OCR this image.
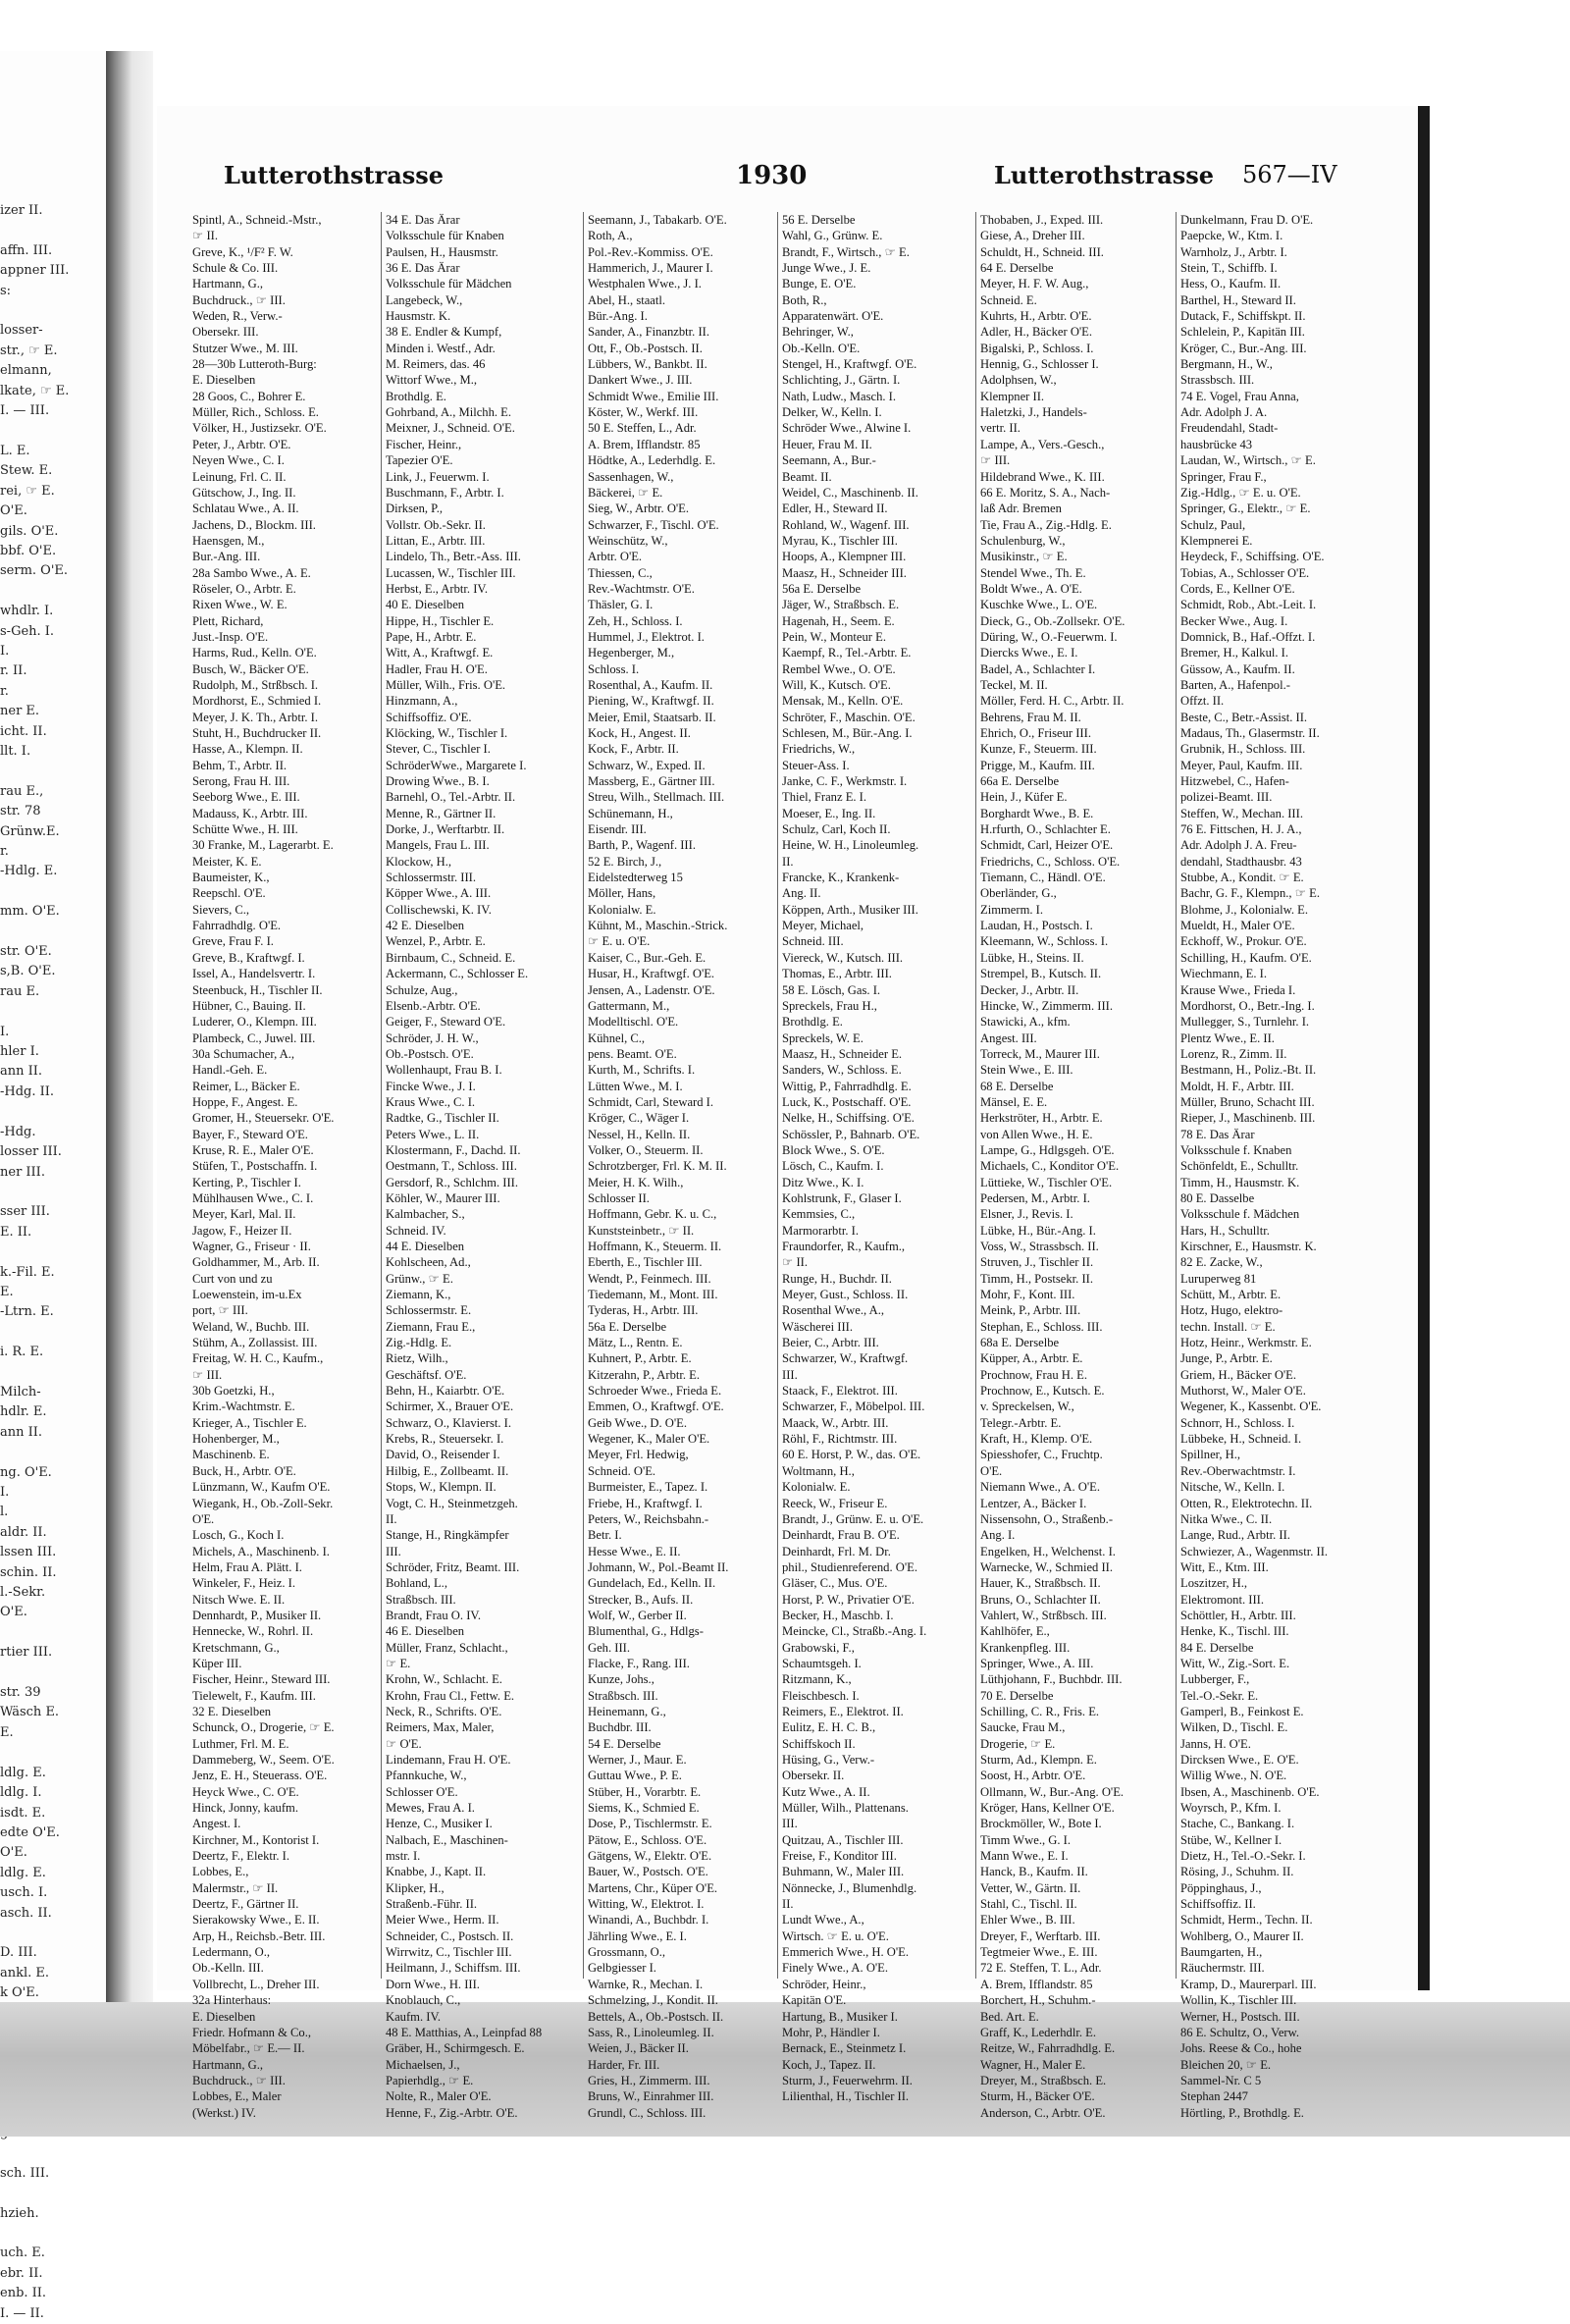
izer II.

affn. III.
appner III.
s:

losser-
str., ☞ E.
elmann,
lkate, ☞ E.
I. — III.

L. E.
Stew. E.
rei, ☞ E.
O'E.
gils. O'E.
bbf. O'E.
serm. O'E.

whdlr. I.
s-Geh. I.
I.
r. II.
r.
ner E.
icht. II.
llt. I.

rau E.,
str. 78
Grünw.E.
r.
-Hdlg. E.

mm. O'E.

str. O'E.
s,B. O'E.
rau E.

I.
hler I.
ann II.
-Hdg. II.

-Hdg.
losser III.
ner III.

sser III.
E. II.

k.-Fil. E.
E.
-Ltrn. E.

i. R. E.

Milch-
hdlr. E.
ann II.

ng. O'E.
I.
l.
aldr. II.
lssen III.
schin. II.
l.-Sekr.
O'E.

rtier III.

str. 39
Wäsch E.
E.

ldlg. E.
ldlg. I.
isdt. E.
edte O'E.
O'E.
ldlg. E.
usch. I.
asch. II.

D. III.
ankl. E.
k O'E.

sch. III.

hzieh.

uch. E.
ebr. II.
enb. II.
I. — II.
Lutterothstrasse	1930	Lutterothstrasse 567—IV
Spintl, A., Schneid.-Mstr.,
☞ II.
Greve, K., ¹/F² F. W.
Schule & Co. III.
Hartmann, G.,
Buchdruck., ☞ III.
Weden, R., Verw.-
Obersekr. III.
Stutzer Wwe., M. III.
28—30b Lutteroth-Burg:
E. Dieselben
28 Goos, C., Bohrer E.
Müller, Rich., Schloss. E.
Völker, H., Justizsekr. O'E.
Peter, J., Arbtr. O'E.
Neyen Wwe., C. I.
Leinung, Frl. C. II.
Gütschow, J., Ing. II.
Schlatau Wwe., A. II.
Jachens, D., Blockm. III.
Haensgen, M.,
Bur.-Ang. III.
28a Sambo Wwe., A. E.
Röseler, O., Arbtr. E.
Rixen Wwe., W. E.
Plett, Richard,
Just.-Insp. O'E.
Harms, Rud., Kelln. O'E.
Busch, W., Bäcker O'E.
Rudolph, M., Strßbsch. I.
Mordhorst, E., Schmied I.
Meyer, J. K. Th., Arbtr. I.
Stuht, H., Buchdrucker II.
Hasse, A., Klempn. II.
Behm, T., Arbtr. II.
Serong, Frau H. III.
Seeborg Wwe., E. III.
Madauss, K., Arbtr. III.
Schütte Wwe., H. III.
30 Franke, M., Lagerarbt. E.
Meister, K. E.
Baumeister, K.,
Reepschl. O'E.
Sievers, C.,
Fahrradhdlg. O'E.
Greve, Frau F. I.
Greve, B., Kraftwgf. I.
Issel, A., Handelsvertr. I.
Steenbuck, H., Tischler II.
Hübner, C., Bauing. II.
Luderer, O., Klempn. III.
Plambeck, C., Juwel. III.
30a Schumacher, A.,
Handl.-Geh. E.
Reimer, L., Bäcker E.
Hoppe, F., Angest. E.
Gromer, H., Steuersekr. O'E.
Bayer, F., Steward O'E.
Kruse, R. E., Maler O'E.
Stüfen, T., Postschaffn. I.
Kerting, P., Tischler I.
Mühlhausen Wwe., C. I.
Meyer, Karl, Mal. II.
Jagow, F., Heizer II.
Wagner, G., Friseur · II.
Goldhammer, M., Arb. II.
Curt von und zu
Loewenstein, im-u.Ex
port, ☞ III.
Weland, W., Buchb. III.
Stühm, A., Zollassist. III.
Freitag, W. H. C., Kaufm.,
☞ III.
30b Goetzki, H.,
Krim.-Wachtmstr. E.
Krieger, A., Tischler E.
Hohenberger, M.,
Maschinenb. E.
Buck, H., Arbtr. O'E.
Lünzmann, W., Kaufm O'E.
Wiegank, H., Ob.-Zoll-Sekr.
O'E.
Losch, G., Koch I.
Michels, A., Maschinenb. I.
Helm, Frau A. Plätt. I.
Winkeler, F., Heiz. I.
Nitsch Wwe. E. II.
Dennhardt, P., Musiker II.
Hennecke, W., Rohrl. II.
Kretschmann, G.,
Küper III.
Fischer, Heinr., Steward III.
Tielewelt, F., Kaufm. III.
32 E. Dieselben
Schunck, O., Drogerie, ☞ E.
Luthmer, Frl. M. E.
Dammeberg, W., Seem. O'E.
Jenz, E. H., Steuerass. O'E.
Heyck Wwe., C. O'E.
Hinck, Jonny, kaufm.
Angest. I.
Kirchner, M., Kontorist I.
Deertz, F., Elektr. I.
Lobbes, E.,
Malermstr., ☞ II.
Deertz, F., Gärtner II.
Sierakowsky Wwe., E. II.
Arp, H., Reichsb.-Betr. III.
Ledermann, O.,
Ob.-Kelln. III.
Vollbrecht, L., Dreher III.
32a Hinterhaus:
E. Dieselben
Friedr. Hofmann & Co.,
Möbelfabr., ☞ E.— II.
Hartmann, G.,
Buchdruck., ☞ III.
Lobbes, E., Maler
(Werkst.) IV.
34 E. Das Ärar
Volksschule für Knaben
Paulsen, H., Hausmstr.
36 E. Das Ärar
Volksschule für Mädchen
Langebeck, W.,
Hausmstr. K.
38 E. Endler & Kumpf,
Minden i. Westf., Adr.
M. Reimers, das. 46
Wittorf Wwe., M.,
Brothdlg. E.
Gohrband, A., Milchh. E.
Meixner, J., Schneid. O'E.
Fischer, Heinr.,
Tapezier O'E.
Link, J., Feuerwm. I.
Buschmann, F., Arbtr. I.
Dirksen, P.,
Vollstr. Ob.-Sekr. II.
Littan, E., Arbtr. III.
Lindelo, Th., Betr.-Ass. III.
Lucassen, W., Tischler III.
Herbst, E., Arbtr. IV.
40 E. Dieselben
Hippe, H., Tischler E.
Pape, H., Arbtr. E.
Witt, A., Kraftwgf. E.
Hadler, Frau H. O'E.
Müller, Wilh., Fris. O'E.
Hinzmann, A.,
Schiffsoffiz. O'E.
Klöcking, W., Tischler I.
Stever, C., Tischler I.
SchröderWwe., Margarete I.
Drowing Wwe., B. I.
Barnehl, O., Tel.-Arbtr. II.
Menne, R., Gärtner II.
Dorke, J., Werftarbtr. II.
Mangels, Frau L. III.
Klockow, H.,
Schlossermstr. III.
Köpper Wwe., A. III.
Collischewski, K. IV.
42 E. Dieselben
Wenzel, P., Arbtr. E.
Birnbaum, C., Schneid. E.
Ackermann, C., Schlosser E.
Schulze, Aug.,
Elsenb.-Arbtr. O'E.
Geiger, F., Steward O'E.
Schröder, J. H. W.,
Ob.-Postsch. O'E.
Wollenhaupt, Frau B. I.
Fincke Wwe., J. I.
Kraus Wwe., C. I.
Radtke, G., Tischler II.
Peters Wwe., L. II.
Klostermann, F., Dachd. II.
Oestmann, T., Schloss. III.
Gersdorf, R., Schlchm. III.
Köhler, W., Maurer III.
Kalmbacher, S.,
Schneid. IV.
44 E. Dieselben
Kohlscheen, Ad.,
Grünw., ☞ E.
Ziemann, K.,
Schlossermstr. E.
Ziemann, Frau E.,
Zig.-Hdlg. E.
Rietz, Wilh.,
Geschäftsf. O'E.
Behn, H., Kaiarbtr. O'E.
Schirmer, X., Brauer O'E.
Schwarz, O., Klavierst. I.
Krebs, R., Steuersekr. I.
David, O., Reisender I.
Hilbig, E., Zollbeamt. II.
Stops, W., Klempn. II.
Vogt, C. H., Steinmetzgeh.
II.
Stange, H., Ringkämpfer
III.
Schröder, Fritz, Beamt. III.
Bohland, L.,
Straßbsch. III.
Brandt, Frau O. IV.
46 E. Dieselben
Müller, Franz, Schlacht.,
☞ E.
Krohn, W., Schlacht. E.
Krohn, Frau Cl., Fettw. E.
Neck, R., Schrifts. O'E.
Reimers, Max, Maler,
☞ O'E.
Lindemann, Frau H. O'E.
Pfannkuche, W.,
Schlosser O'E.
Mewes, Frau A. I.
Henze, C., Musiker I.
Nalbach, E., Maschinen-
mstr. I.
Knabbe, J., Kapt. II.
Klipker, H.,
Straßenb.-Führ. II.
Meier Wwe., Herm. II.
Schneider, C., Postsch. II.
Wirrwitz, C., Tischler III.
Heilmann, J., Schiffsm. III.
Dorn Wwe., H. III.
Knoblauch, C.,
Kaufm. IV.
48 E. Matthias, A., Leinpfad 88
Gräber, H., Schirmgesch. E.
Michaelsen, J.,
Papierhdlg., ☞ E.
Nolte, R., Maler O'E.
Henne, F., Zig.-Arbtr. O'E.
Seemann, J., Tabakarb. O'E.
Roth, A.,
Pol.-Rev.-Kommiss. O'E.
Hammerich, J., Maurer I.
Westphalen Wwe., J. I.
Abel, H., staatl.
Bür.-Ang. I.
Sander, A., Finanzbtr. II.
Ott, F., Ob.-Postsch. II.
Lübbers, W., Bankbt. II.
Dankert Wwe., J. III.
Schmidt Wwe., Emilie III.
Köster, W., Werkf. III.
50 E. Steffen, L., Adr.
A. Brem, Ifflandstr. 85
Hödtke, A., Lederhdlg. E.
Sassenhagen, W.,
Bäckerei, ☞ E.
Sieg, W., Arbtr. O'E.
Schwarzer, F., Tischl. O'E.
Weinschütz, W.,
Arbtr. O'E.
Thiessen, C.,
Rev.-Wachtmstr. O'E.
Thäsler, G. I.
Zeh, H., Schloss. I.
Hummel, J., Elektrot. I.
Hegenberger, M.,
Schloss. I.
Rosenthal, A., Kaufm. II.
Piening, W., Kraftwgf. II.
Meier, Emil, Staatsarb. II.
Kock, H., Angest. II.
Kock, F., Arbtr. II.
Schwarz, W., Exped. II.
Massberg, E., Gärtner III.
Streu, Wilh., Stellmach. III.
Schünemann, H.,
Eisendr. III.
Barth, P., Wagenf. III.
52 E. Birch, J.,
Eidelstedterweg 15
Möller, Hans,
Kolonialw. E.
Kühnt, M., Maschin.-Strick.
☞ E. u. O'E.
Kaiser, C., Bur.-Geh. E.
Husar, H., Kraftwgf. O'E.
Jensen, A., Ladenstr. O'E.
Gattermann, M.,
Modelltischl. O'E.
Kühnel, C.,
pens. Beamt. O'E.
Kurth, M., Schrifts. I.
Lütten Wwe., M. I.
Schmidt, Carl, Steward I.
Kröger, C., Wäger I.
Nessel, H., Kelln. II.
Volker, O., Steuerm. II.
Schrotzberger, Frl. K. M. II.
Meier, H. K. Wilh.,
Schlosser II.
Hoffmann, Gebr. K. u. C.,
Kunststeinbetr., ☞ II.
Hoffmann, K., Steuerm. II.
Eberth, E., Tischler III.
Wendt, P., Feinmech. III.
Tiedemann, M., Mont. III.
Tyderas, H., Arbtr. III.
56a E. Derselbe
Mätz, L., Rentn. E.
Kuhnert, P., Arbtr. E.
Kitzerahn, P., Arbtr. E.
Schroeder Wwe., Frieda E.
Emmen, O., Kraftwgf. O'E.
Geib Wwe., D. O'E.
Wegener, K., Maler O'E.
Meyer, Frl. Hedwig,
Schneid. O'E.
Burmeister, E., Tapez. I.
Friebe, H., Kraftwgf. I.
Peters, W., Reichsbahn.-
Betr. I.
Hesse Wwe., E. II.
Johmann, W., Pol.-Beamt II.
Gundelach, Ed., Kelln. II.
Strecker, B., Aufs. II.
Wolf, W., Gerber II.
Blumenthal, G., Hdlgs-
Geh. III.
Flacke, F., Rang. III.
Kunze, Johs.,
Straßbsch. III.
Heinemann, G.,
Buchdbr. III.
54 E. Derselbe
Werner, J., Maur. E.
Guttau Wwe., P. E.
Stüber, H., Vorarbtr. E.
Siems, K., Schmied E.
Dose, P., Tischlermstr. E.
Pätow, E., Schloss. O'E.
Gätgens, W., Elektr. O'E.
Bauer, W., Postsch. O'E.
Martens, Chr., Küper O'E.
Witting, W., Elektrot. I.
Winandi, A., Buchbdr. I.
Jährling Wwe., E. I.
Grossmann, O.,
Gelbgiesser I.
Warnke, R., Mechan. I.
Schmelzing, J., Kondit. II.
Bettels, A., Ob.-Postsch. II.
Sass, R., Linoleumleg. II.
Weien, J., Bäcker II.
Harder, Fr. III.
Gries, H., Zimmerm. III.
Bruns, W., Einrahmer III.
Grundl, C., Schloss. III.
56 E. Derselbe
Wahl, G., Grünw. E.
Brandt, F., Wirtsch., ☞ E.
Junge Wwe., J. E.
Bunge, E. O'E.
Both, R.,
Apparatenwärt. O'E.
Behringer, W.,
Ob.-Kelln. O'E.
Stengel, H., Kraftwgf. O'E.
Schlichting, J., Gärtn. I.
Nath, Ludw., Masch. I.
Delker, W., Kelln. I.
Schröder Wwe., Alwine I.
Heuer, Frau M. II.
Seemann, A., Bur.-
Beamt. II.
Weidel, C., Maschinenb. II.
Edler, H., Steward II.
Rohland, W., Wagenf. III.
Myrau, K., Tischler III.
Hoops, A., Klempner III.
Maasz, H., Schneider III.
56a E. Derselbe
Jäger, W., Straßbsch. E.
Hagenah, H., Seem. E.
Pein, W., Monteur E.
Kaempf, R., Tel.-Arbtr. E.
Rembel Wwe., O. O'E.
Will, K., Kutsch. O'E.
Mensak, M., Kelln. O'E.
Schröter, F., Maschin. O'E.
Schlesen, M., Bür.-Ang. I.
Friedrichs, W.,
Steuer-Ass. I.
Janke, C. F., Werkmstr. I.
Thiel, Franz E. I.
Moeser, E., Ing. II.
Schulz, Carl, Koch II.
Heine, W. H., Linoleumleg.
II.
Francke, K., Krankenk-
Ang. II.
Köppen, Arth., Musiker III.
Meyer, Michael,
Schneid. III.
Viereck, W., Kutsch. III.
Thomas, E., Arbtr. III.
58 E. Lösch, Gas. I.
Spreckels, Frau H.,
Brothdlg. E.
Spreckels, W. E.
Maasz, H., Schneider E.
Sanders, W., Schloss. E.
Wittig, P., Fahrradhdlg. E.
Luck, K., Postschaff. O'E.
Nelke, H., Schiffsing. O'E.
Schössler, P., Bahnarb. O'E.
Block Wwe., S. O'E.
Lösch, C., Kaufm. I.
Ditz Wwe., K. I.
Kohlstrunk, F., Glaser I.
Kemmsies, C.,
Marmorarbtr. I.
Fraundorfer, R., Kaufm.,
☞ II.
Runge, H., Buchdr. II.
Meyer, Gust., Schloss. II.
Rosenthal Wwe., A.,
Wäscherei III.
Beier, C., Arbtr. III.
Schwarzer, W., Kraftwgf.
III.
Staack, F., Elektrot. III.
Schwarzer, F., Möbelpol. III.
Maack, W., Arbtr. III.
Röhl, F., Richtmstr. III.
60 E. Horst, P. W., das. O'E.
Woltmann, H.,
Kolonialw. E.
Reeck, W., Friseur E.
Brandt, J., Grünw. E. u. O'E.
Deinhardt, Frau B. O'E.
Deinhardt, Frl. M. Dr.
phil., Studienreferend. O'E.
Gläser, C., Mus. O'E.
Horst, P. W., Privatier O'E.
Becker, H., Maschb. I.
Meincke, Cl., Straßb.-Ang. I.
Grabowski, F.,
Schaumtsgeh. I.
Ritzmann, K.,
Fleischbesch. I.
Reimers, E., Elektrot. II.
Eulitz, E. H. C. B.,
Schiffskoch II.
Hüsing, G., Verw.-
Obersekr. II.
Kutz Wwe., A. II.
Müller, Wilh., Plattenans.
III.
Quitzau, A., Tischler III.
Freise, F., Konditor III.
Buhmann, W., Maler III.
Nönnecke, J., Blumenhdlg.
II.
Lundt Wwe., A.,
Wirtsch. ☞ E. u. O'E.
Emmerich Wwe., H. O'E.
Finely Wwe., A. O'E.
Schröder, Heinr.,
Kapitän O'E.
Hartung, B., Musiker I.
Mohr, P., Händler I.
Bernack, E., Steinmetz I.
Koch, J., Tapez. II.
Sturm, J., Feuerwehrm. II.
Lilienthal, H., Tischler II.
Thobaben, J., Exped. III.
Giese, A., Dreher III.
Schuldt, H., Schneid. III.
64 E. Derselbe
Meyer, H. F. W. Aug.,
Schneid. E.
Kuhrts, H., Arbtr. O'E.
Adler, H., Bäcker O'E.
Bigalski, P., Schloss. I.
Hennig, G., Schlosser I.
Adolphsen, W.,
Klempner II.
Haletzki, J., Handels-
vertr. II.
Lampe, A., Vers.-Gesch.,
☞ III.
Hildebrand Wwe., K. III.
66 E. Moritz, S. A., Nach-
laß Adr. Bremen
Tie, Frau A., Zig.-Hdlg. E.
Schulenburg, W.,
Musikinstr., ☞ E.
Stendel Wwe., Th. E.
Boldt Wwe., A. O'E.
Kuschke Wwe., L. O'E.
Dieck, G., Ob.-Zollsekr. O'E.
Düring, W., O.-Feuerwm. I.
Diercks Wwe., E. I.
Badel, A., Schlachter I.
Teckel, M. II.
Möller, Ferd. H. C., Arbtr. II.
Behrens, Frau M. II.
Ehrich, O., Friseur III.
Kunze, F., Steuerm. III.
Prigge, M., Kaufm. III.
66a E. Derselbe
Hein, J., Küfer E.
Borghardt Wwe., B. E.
H.rfurth, O., Schlachter E.
Schmidt, Carl, Heizer O'E.
Friedrichs, C., Schloss. O'E.
Tiemann, C., Händl. O'E.
Oberländer, G.,
Zimmerm. I.
Laudan, H., Postsch. I.
Kleemann, W., Schloss. I.
Lübke, H., Steins. II.
Strempel, B., Kutsch. II.
Decker, J., Arbtr. II.
Hincke, W., Zimmerm. III.
Stawicki, A., kfm.
Angest. III.
Torreck, M., Maurer III.
Stein Wwe., E. III.
68 E. Derselbe
Mänsel, E. E.
Herkströter, H., Arbtr. E.
von Allen Wwe., H. E.
Lampe, G., Hdlgsgeh. O'E.
Michaels, C., Konditor O'E.
Lüttieke, W., Tischler O'E.
Pedersen, M., Arbtr. I.
Elsner, J., Revis. I.
Lübke, H., Bür.-Ang. I.
Voss, W., Strassbsch. II.
Struven, J., Tischler II.
Timm, H., Postsekr. II.
Mohr, F., Kont. III.
Meink, P., Arbtr. III.
Stephan, E., Schloss. III.
68a E. Derselbe
Küpper, A., Arbtr. E.
Prochnow, Frau H. E.
Prochnow, E., Kutsch. E.
v. Spreckelsen, W.,
Telegr.-Arbtr. E.
Kraft, H., Klemp. O'E.
Spiesshofer, C., Fruchtp.
O'E.
Niemann Wwe., A. O'E.
Lentzer, A., Bäcker I.
Nissensohn, O., Straßenb.-
Ang. I.
Engelken, H., Welchenst. I.
Warnecke, W., Schmied II.
Hauer, K., Straßbsch. II.
Bruns, O., Schlachter II.
Vahlert, W., Strßbsch. III.
Kahlhöfer, E.,
Krankenpfleg. III.
Springer, Wwe., A. III.
Lüthjohann, F., Buchbdr. III.
70 E. Derselbe
Schilling, C. R., Fris. E.
Saucke, Frau M.,
Drogerie, ☞ E.
Sturm, Ad., Klempn. E.
Soost, H., Arbtr. O'E.
Ollmann, W., Bur.-Ang. O'E.
Kröger, Hans, Kellner O'E.
Brockmöller, W., Bote I.
Timm Wwe., G. I.
Mann Wwe., E. I.
Hanck, B., Kaufm. II.
Vetter, W., Gärtn. II.
Stahl, C., Tischl. II.
Ehler Wwe., B. III.
Dreyer, F., Werftarb. III.
Tegtmeier Wwe., E. III.
72 E. Steffen, T. L., Adr.
A. Brem, Ifflandstr. 85
Borchert, H., Schuhm.-
Bed. Art. E.
Graff, K., Lederhdlr. E.
Reitze, W., Fahrradhdlg. E.
Wagner, H., Maler E.
Dreyer, M., Straßbsch. E.
Sturm, H., Bäcker O'E.
Anderson, C., Arbtr. O'E.
Dunkelmann, Frau D. O'E.
Paepcke, W., Ktm. I.
Warnholz, J., Arbtr. I.
Stein, T., Schiffb. I.
Hess, O., Kaufm. II.
Barthel, H., Steward II.
Dutack, F., Schiffskpt. II.
Schlelein, P., Kapitän III.
Kröger, C., Bur.-Ang. III.
Bergmann, H., W.,
Strassbsch. III.
74 E. Vogel, Frau Anna,
Adr. Adolph J. A.
Freudendahl, Stadt-
hausbrücke 43
Laudan, W., Wirtsch., ☞ E.
Springer, Frau F.,
Zig.-Hdlg., ☞ E. u. O'E.
Springer, G., Elektr., ☞ E.
Schulz, Paul,
Klempnerei E.
Heydeck, F., Schiffsing. O'E.
Tobias, A., Schlosser O'E.
Cords, E., Kellner O'E.
Schmidt, Rob., Abt.-Leit. I.
Becker Wwe., Aug. I.
Domnick, B., Haf.-Offzt. I.
Bremer, H., Kalkul. I.
Güssow, A., Kaufm. II.
Barten, A., Hafenpol.-
Offzt. II.
Beste, C., Betr.-Assist. II.
Madaus, Th., Glasermstr. II.
Grubnik, H., Schloss. III.
Meyer, Paul, Kaufm. III.
Hitzwebel, C., Hafen-
polizei-Beamt. III.
Steffen, W., Mechan. III.
76 E. Fittschen, H. J. A.,
Adr. Adolph J. A. Freu-
dendahl, Stadthausbr. 43
Stubbe, A., Kondit. ☞ E.
Bachr, G. F., Klempn., ☞ E.
Blohme, J., Kolonialw. E.
Mueldt, H., Maler O'E.
Eckhoff, W., Prokur. O'E.
Schilling, H., Kaufm. O'E.
Wiechmann, E. I.
Krause Wwe., Frieda I.
Mordhorst, O., Betr.-Ing. I.
Mullegger, S., Turnlehr. I.
Plentz Wwe., E. II.
Lorenz, R., Zimm. II.
Bestmann, H., Poliz.-Bt. II.
Moldt, H. F., Arbtr. III.
Müller, Bruno, Schacht III.
Rieper, J., Maschinenb. III.
78 E. Das Ärar
Volksschule f. Knaben
Schönfeldt, E., Schulltr.
Timm, H., Hausmstr. K.
80 E. Dasselbe
Volksschule f. Mädchen
Hars, H., Schulltr.
Kirschner, E., Hausmstr. K.
82 E. Zacke, W.,
Luruperweg 81
Schütt, M., Arbtr. E.
Hotz, Hugo, elektro-
techn. Install. ☞ E.
Hotz, Heinr., Werkmstr. E.
Junge, P., Arbtr. E.
Griem, H., Bäcker O'E.
Muthorst, W., Maler O'E.
Wegener, K., Kassenbt. O'E.
Schnorr, H., Schloss. I.
Lübbeke, H., Schneid. I.
Spillner, H.,
Rev.-Oberwachtmstr. I.
Nitsche, W., Kelln. I.
Otten, R., Elektrotechn. II.
Nitka Wwe., C. II.
Lange, Rud., Arbtr. II.
Schwiezer, A., Wagenmstr. II.
Witt, E., Ktm. III.
Loszitzer, H.,
Elektromont. III.
Schöttler, H., Arbtr. III.
Henke, K., Tischl. III.
84 E. Derselbe
Witt, W., Zig.-Sort. E.
Lubberger, F.,
Tel.-O.-Sekr. E.
Gamperl, B., Feinkost E.
Wilken, D., Tischl. E.
Janns, H. O'E.
Dircksen Wwe., E. O'E.
Willig Wwe., N. O'E.
Ibsen, A., Maschinenb. O'E.
Woyrsch, P., Kfm. I.
Stache, C., Bankang. I.
Stübe, W., Kellner I.
Dietz, H., Tel.-O.-Sekr. I.
Rösing, J., Schuhm. II.
Pöppinghaus, J.,
Schiffsoffiz. II.
Schmidt, Herm., Techn. II.
Wohlberg, O., Maurer II.
Baumgarten, H.,
Räuchermstr. III.
Kramp, D., Maurerparl. III.
Wollin, K., Tischler III.
Werner, H., Postsch. III.
86 E. Schultz, O., Verw.
Johs. Reese & Co., hohe
Bleichen 20, ☞ E.
Sammel-Nr. C 5
Stephan 2447
Hörtling, P., Brothdlg. E.
